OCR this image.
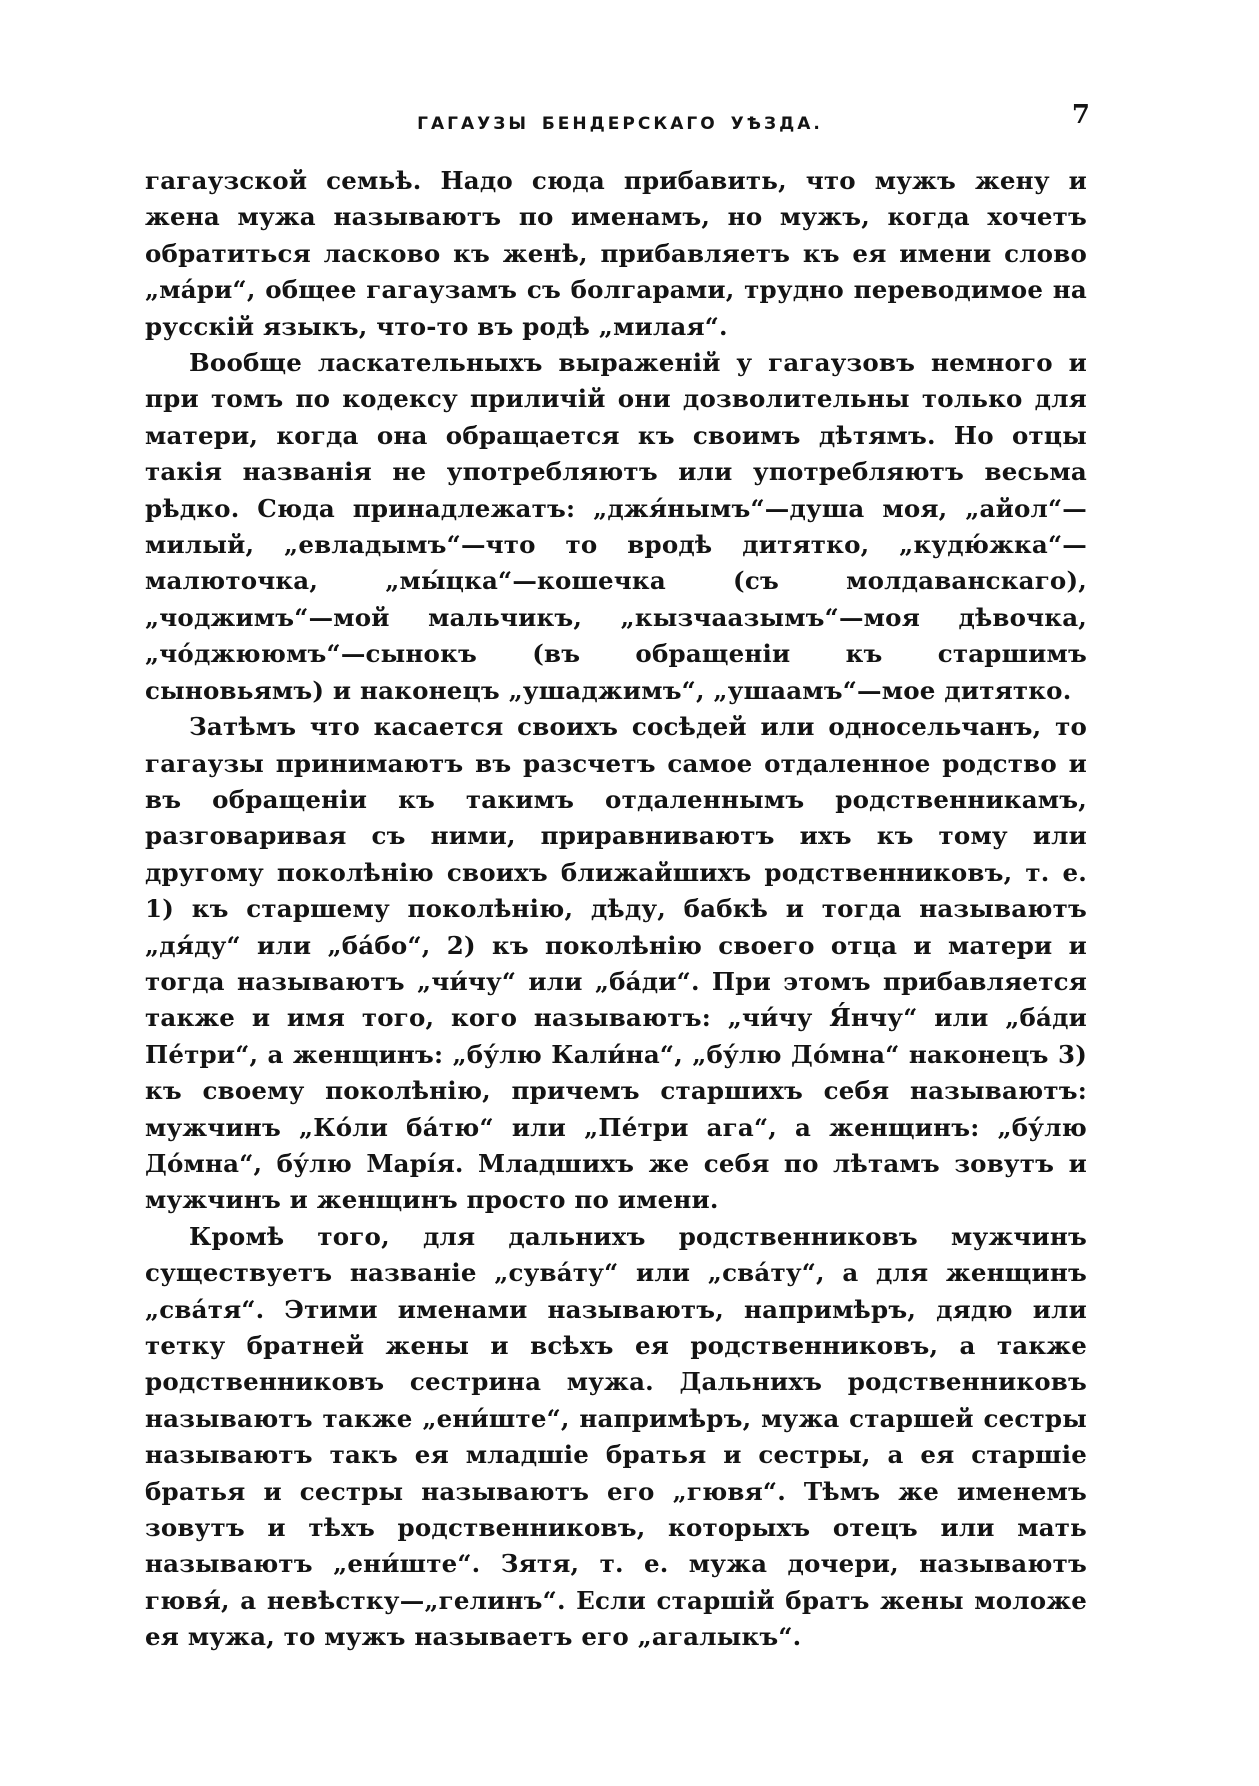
ГАГАУЗЫ БЕНДЕРСКАГО УѢЗДА.	7

гагаузской семьѣ. Надо сюда прибавить, что мужъ жену и жена мужа называютъ по именамъ, но мужъ, когда хочетъ обратиться ласково къ женѣ, прибавляетъ къ ея имени слово „мáри“, общее гагаузамъ съ болгарами, трудно переводимое на русскій языкъ, что-то въ родѣ „милая“.

Вообще ласкательныхъ выраженій у гагаузовъ немного и при томъ по кодексу приличій они дозволительны только для матери, когда она обращается къ своимъ дѣтямъ. Но отцы такія названія не употребляютъ или употребляютъ весьма рѣдко. Сюда принадлежатъ: „джя́нымъ“—душа моя, „айол“—милый, „евладымъ“—что то вродѣ дитятко, „кудю́жка“—малюточка, „мы́цка“—кошечка (съ молдаванскаго), „чоджимъ“—мой мальчикъ, „кызчаазымъ“—моя дѣвочка, „чо́джююмъ“—сынокъ (въ обращеніи къ старшимъ сыновьямъ) и наконецъ „ушаджимъ“, „ушаамъ“—мое дитятко.

Затѣмъ что касается своихъ сосѣдей или односельчанъ, то гагаузы принимаютъ въ разсчетъ самое отдаленное родство и въ обращеніи къ такимъ отдаленнымъ родственникамъ, разговаривая съ ними, приравниваютъ ихъ къ тому или другому поколѣнію своихъ ближайшихъ родственниковъ, т. е. 1) къ старшему поколѣнію, дѣду, бабкѣ и тогда называютъ „дя́ду“ или „ба́бо“, 2) къ поколѣнію своего отца и матери и тогда называютъ „чи́чу“ или „ба́ди“. При этомъ прибавляется также и имя того, кого называютъ: „чи́чу Я́нчу“ или „ба́ди Пе́три“, а женщинъ: „бу́лю Кали́на“, „бу́лю До́мна“ наконецъ 3) къ своему поколѣнію, причемъ старшихъ себя называютъ: мужчинъ „Ко́ли ба́тю“ или „Пе́три ага“, а женщинъ: „бу́лю До́мна“, бу́лю Марі́я. Младшихъ же себя по лѣтамъ зовутъ и мужчинъ и женщинъ просто по имени.

Кромѣ того, для дальнихъ родственниковъ мужчинъ существуетъ названіе „сува́ту“ или „сва́ту“, а для женщинъ „сва́тя“. Этими именами называютъ, напримѣръ, дядю или тетку братней жены и всѣхъ ея родственниковъ, а также родственниковъ сестрина мужа. Дальнихъ родственниковъ называютъ также „ени́ште“, напримѣръ, мужа старшей сестры называютъ такъ ея младшіе братья и сестры, а ея старшіе братья и сестры называютъ его „гювя“. Тѣмъ же именемъ зовутъ и тѣхъ родственниковъ, которыхъ отецъ или мать называютъ „ени́ште“. Зятя, т. е. мужа дочери, называютъ гювя́, а невѣстку—„гелинъ“. Если старшій братъ жены моложе ея мужа, то мужъ называетъ его „агалыкъ“.
